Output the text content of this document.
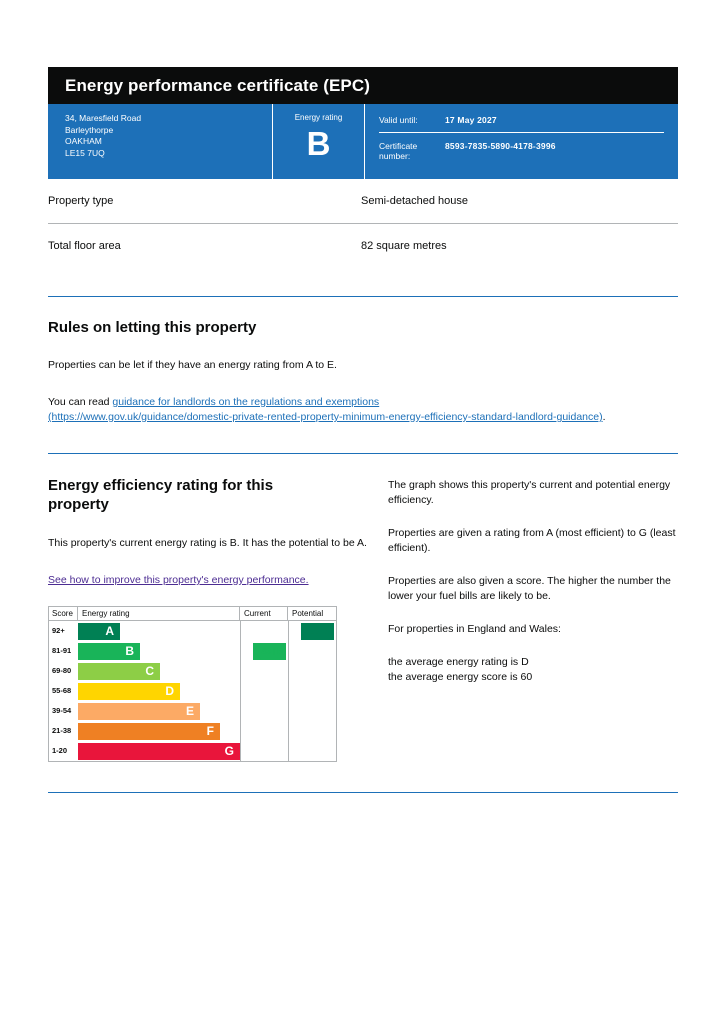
Energy performance certificate (EPC)
34, Maresfield Road
Barleythorpe
OAKHAM
LE15 7UQ
Energy rating
B
Valid until:	17 May 2027
Certificate number:
8593-7835-5890-4178-3996
Property type	Semi-detached house
Total floor area	82 square metres
Rules on letting this property

Properties can be let if they have an energy rating from A to E.

You can read guidance for landlords on the regulations and exemptions
(https://www.gov.uk/guidance/domestic-private-rented-property-minimum-energy-efficiency-standard-landlord-guidance).

Energy efficiency rating for this property

This property's current energy rating is B. It has the potential to be A.

See how to improve this property's energy performance.

Score	Energy rating	Current	Potential
92+	A
81-91	B
69-80	C
55-68	D
39-54	E
21-38	F
1-20	G
83 | B
95 | A

The graph shows this property's current and potential energy efficiency.

Properties are given a rating from A (most efficient) to G (least efficient).

Properties are also given a score. The higher the number the lower your fuel bills are likely to be.

For properties in England and Wales:

the average energy rating is D

the average energy score is 60
